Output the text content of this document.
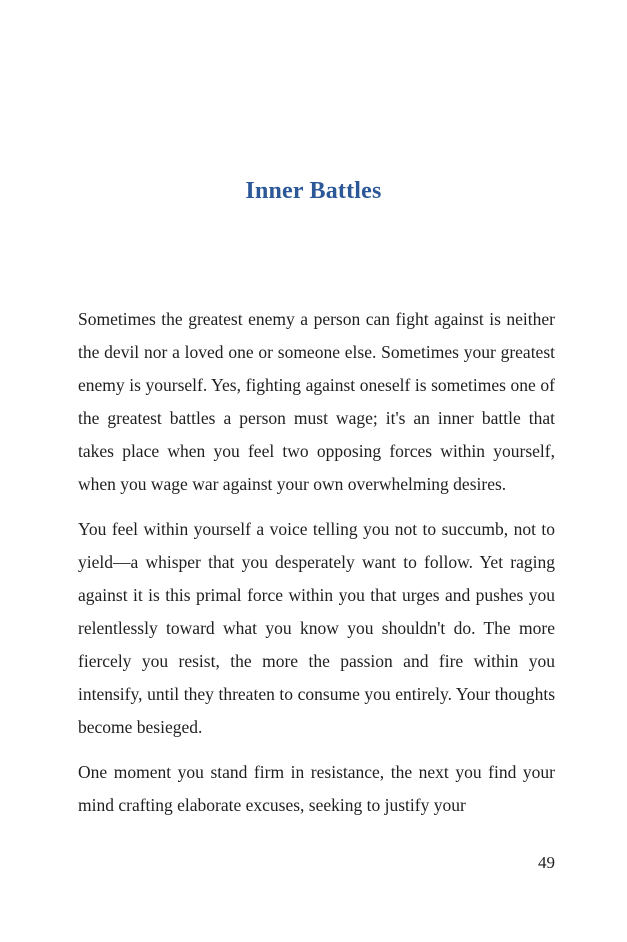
Inner Battles

Sometimes the greatest enemy a person can fight against is neither the devil nor a loved one or someone else. Sometimes your greatest enemy is yourself. Yes, fighting against oneself is sometimes one of the greatest battles a person must wage; it's an inner battle that takes place when you feel two opposing forces within yourself, when you wage war against your own overwhelming desires.

You feel within yourself a voice telling you not to succumb, not to yield—a whisper that you desperately want to follow. Yet raging against it is this primal force within you that urges and pushes you relentlessly toward what you know you shouldn't do. The more fiercely you resist, the more the passion and fire within you intensify, until they threaten to consume you entirely. Your thoughts become besieged.

One moment you stand firm in resistance, the next you find your mind crafting elaborate excuses, seeking to justify your

49
